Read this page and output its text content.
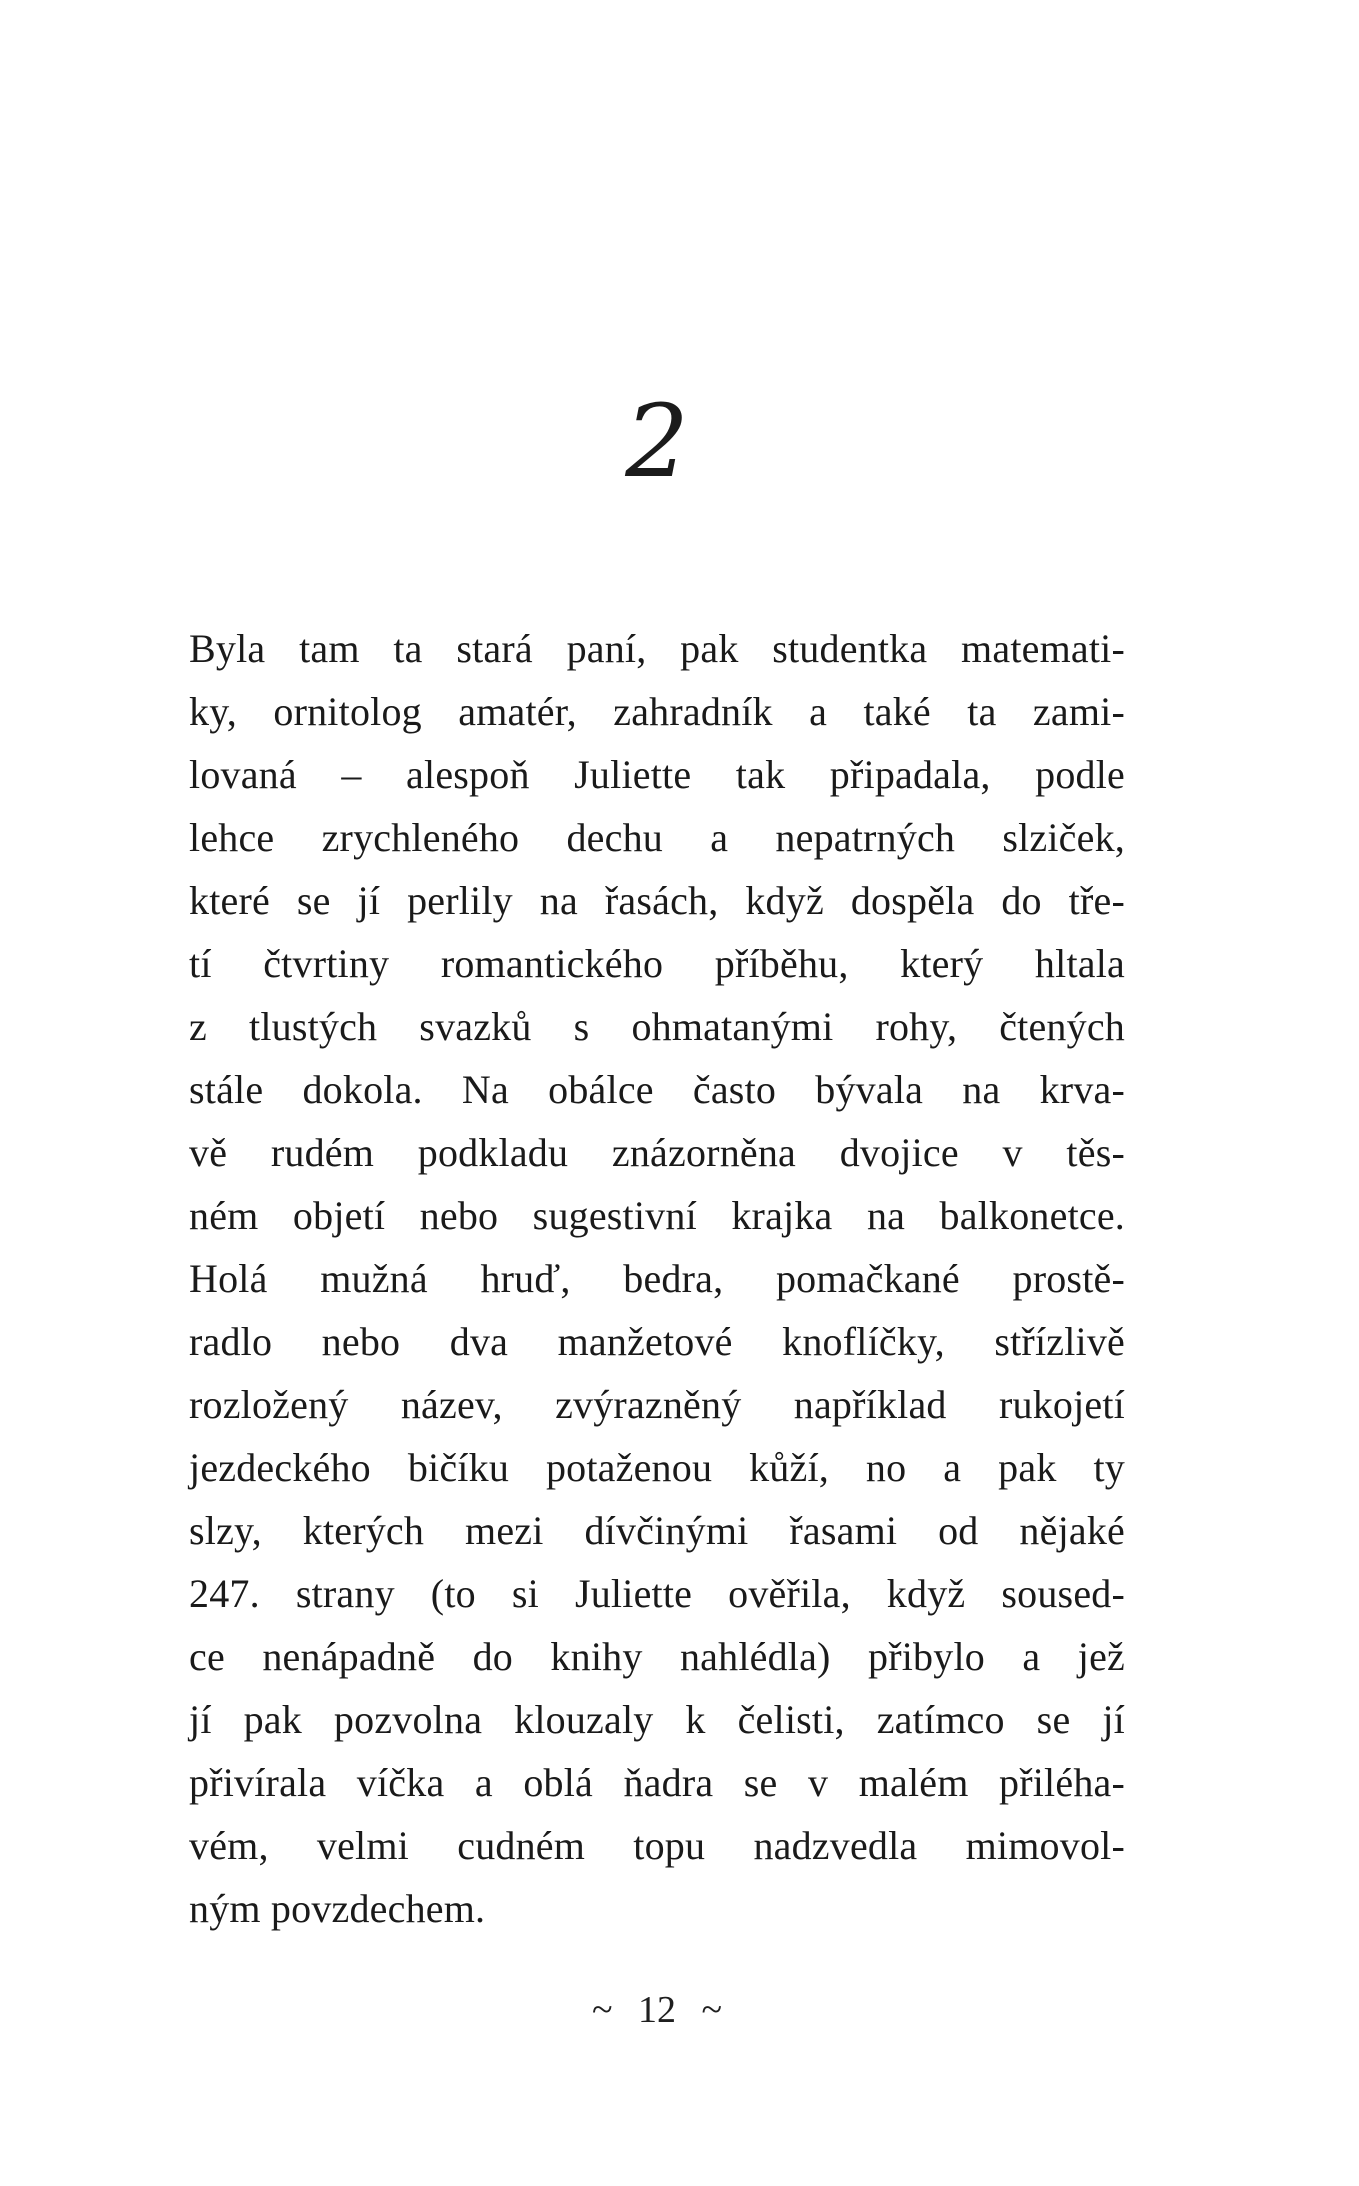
2
Byla tam ta stará paní, pak studentka matemati-
ky, ornitolog amatér, zahradník a také ta zami-
lovaná – alespoň Juliette tak připadala, podle
lehce zrychleného dechu a nepatrných slziček,
které se jí perlily na řasách, když dospěla do tře-
tí čtvrtiny romantického příběhu, který hltala
z tlustých svazků s ohmatanými rohy, čtených
stále dokola. Na obálce často bývala na krva-
vě rudém podkladu znázorněna dvojice v těs-
ném objetí nebo sugestivní krajka na balkonetce.
Holá mužná hruď, bedra, pomačkané prostě-
radlo nebo dva manžetové knoflíčky, střízlivě
rozložený název, zvýrazněný například rukojetí
jezdeckého bičíku potaženou kůží, no a pak ty
slzy, kterých mezi dívčinými řasami od nějaké
247. strany (to si Juliette ověřila, když soused-
ce nenápadně do knihy nahlédla) přibylo a jež
jí pak pozvolna klouzaly k čelisti, zatímco se jí
přivírala víčka a oblá ňadra se v malém přiléha-
vém, velmi cudném topu nadzvedla mimovol-
ným povzdechem.
~ 12 ~
